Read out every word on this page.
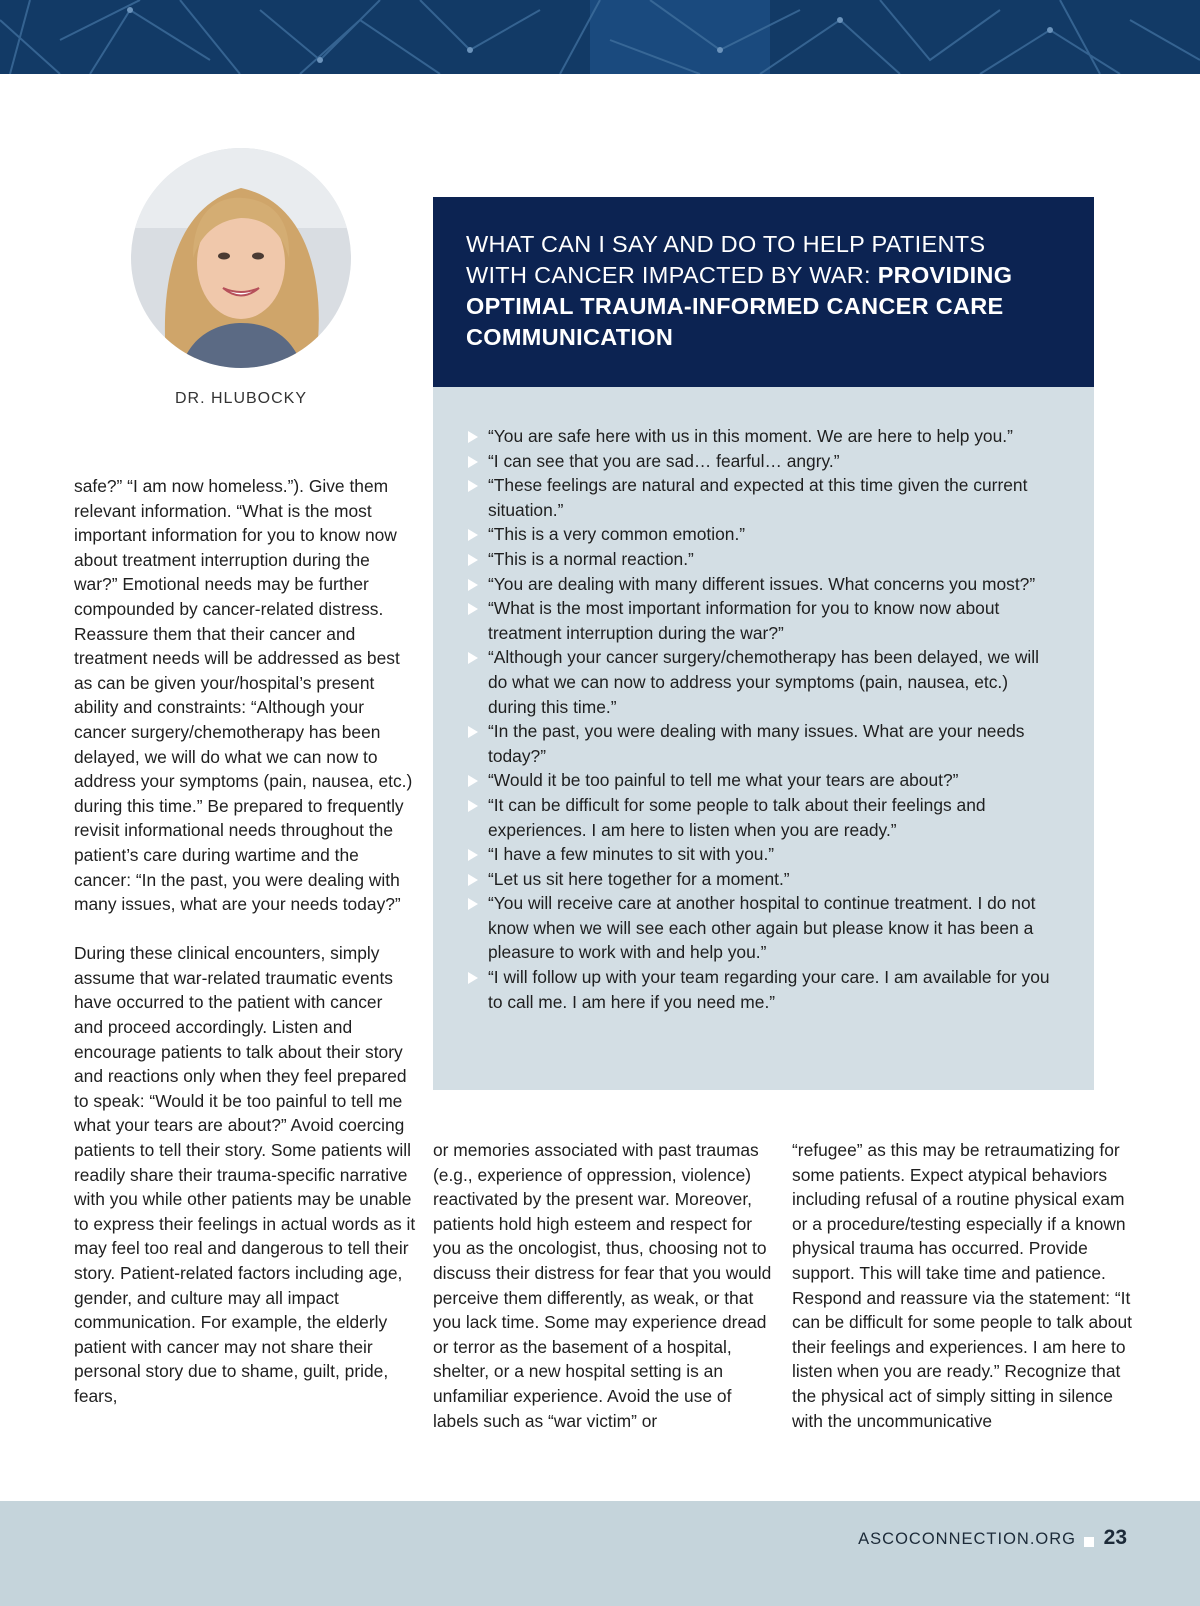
DR. HLUBOCKY

safe?” “I am now homeless.”). Give them relevant information. “What is the most important information for you to know now about treatment interruption during the war?” Emotional needs may be further compounded by cancer-related distress. Reassure them that their cancer and treatment needs will be addressed as best as can be given your/hospital’s present ability and constraints: “Although your cancer surgery/chemotherapy has been delayed, we will do what we can now to address your symptoms (pain, nausea, etc.) during this time.” Be prepared to frequently revisit informational needs throughout the patient’s care during wartime and the cancer: “In the past, you were dealing with many issues, what are your needs today?”

During these clinical encounters, simply assume that war-related traumatic events have occurred to the patient with cancer and proceed accordingly. Listen and encourage patients to talk about their story and reactions only when they feel prepared to speak: “Would it be too painful to tell me what your tears are about?” Avoid coercing patients to tell their story. Some patients will readily share their trauma-specific narrative with you while other patients may be unable to express their feelings in actual words as it may feel too real and dangerous to tell their story. Patient-related factors including age, gender, and culture may all impact communication. For example, the elderly patient with cancer may not share their personal story due to shame, guilt, pride, fears,

WHAT CAN I SAY AND DO TO HELP PATIENTS WITH CANCER IMPACTED BY WAR: PROVIDING OPTIMAL TRAUMA-INFORMED CANCER CARE COMMUNICATION
“You are safe here with us in this moment. We are here to help you.”
“I can see that you are sad… fearful… angry.”
“These feelings are natural and expected at this time given the current situation.”
“This is a very common emotion.”
“This is a normal reaction.”
“You are dealing with many different issues. What concerns you most?”
“What is the most important information for you to know now about treatment interruption during the war?”
“Although your cancer surgery/chemotherapy has been delayed, we will do what we can now to address your symptoms (pain, nausea, etc.) during this time.”
“In the past, you were dealing with many issues. What are your needs today?”
“Would it be too painful to tell me what your tears are about?”
“It can be difficult for some people to talk about their feelings and experiences. I am here to listen when you are ready.”
“I have a few minutes to sit with you.”
“Let us sit here together for a moment.”
“You will receive care at another hospital to continue treatment. I do not know when we will see each other again but please know it has been a pleasure to work with and help you.”
“I will follow up with your team regarding your care. I am available for you to call me. I am here if you need me.”

or memories associated with past traumas (e.g., experience of oppression, violence) reactivated by the present war. Moreover, patients hold high esteem and respect for you as the oncologist, thus, choosing not to discuss their distress for fear that you would perceive them differently, as weak, or that you lack time. Some may experience dread or terror as the basement of a hospital, shelter, or a new hospital setting is an unfamiliar experience. Avoid the use of labels such as “war victim” or

“refugee” as this may be retraumatizing for some patients. Expect atypical behaviors including refusal of a routine physical exam or a procedure/testing especially if a known physical trauma has occurred. Provide support. This will take time and patience. Respond and reassure via the statement: “It can be difficult for some people to talk about their feelings and experiences. I am here to listen when you are ready.” Recognize that the physical act of simply sitting in silence with the uncommunicative

ASCOCONNECTION.ORG 23
